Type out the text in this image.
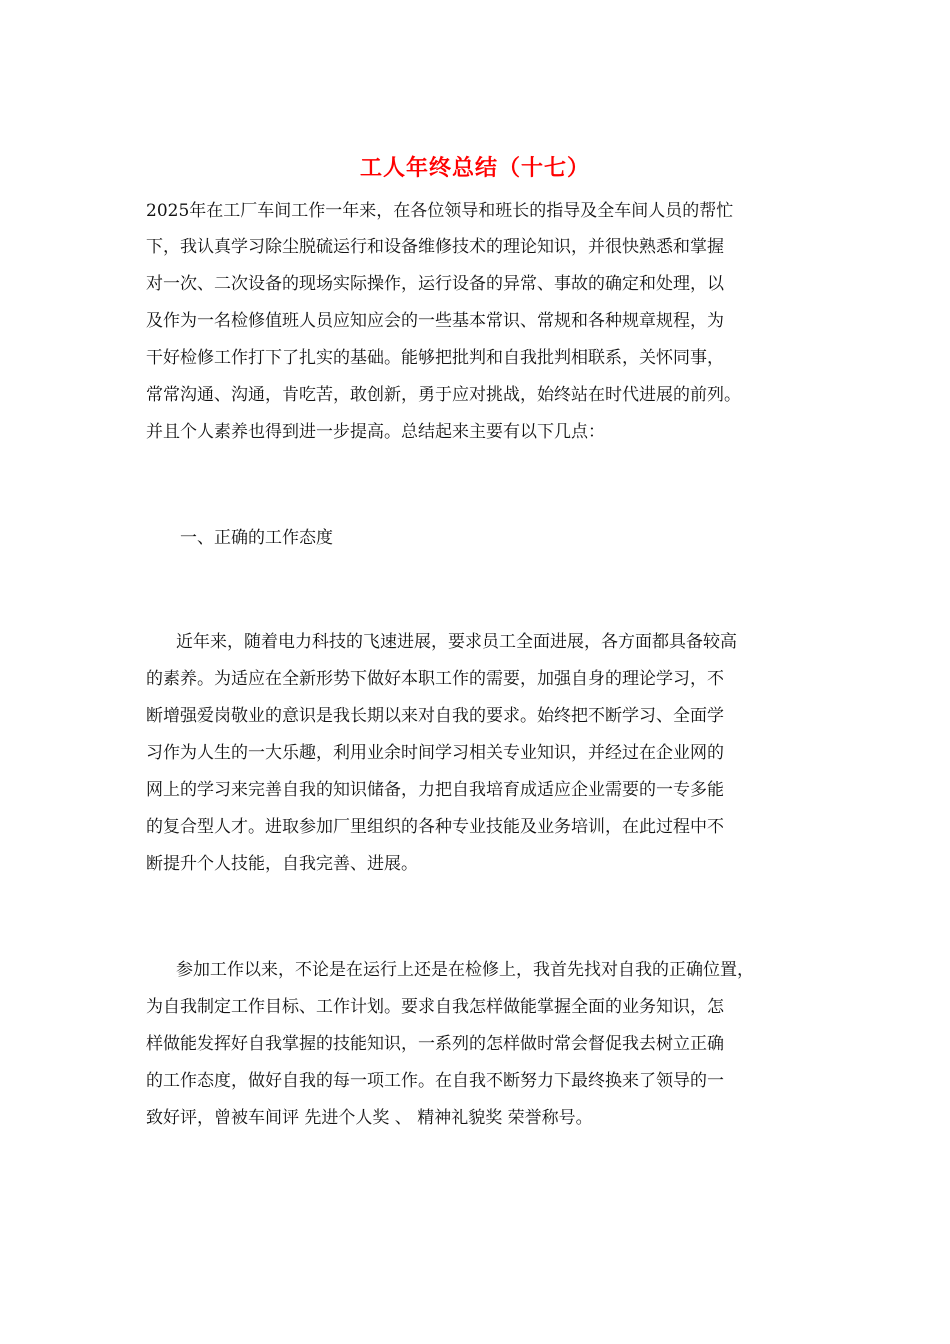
工人年终总结（十七）
2025年在工厂车间工作一年来，在各位领导和班长的指导及全车间人员的帮忙
下，我认真学习除尘脱硫运行和设备维修技术的理论知识，并很快熟悉和掌握
对一次、二次设备的现场实际操作，运行设备的异常、事故的确定和处理，以
及作为一名检修值班人员应知应会的一些基本常识、常规和各种规章规程，为
干好检修工作打下了扎实的基础。能够把批判和自我批判相联系，关怀同事，
常常沟通、沟通，肯吃苦，敢创新，勇于应对挑战，始终站在时代进展的前列。
并且个人素养也得到进一步提高。总结起来主要有以下几点：
一、正确的工作态度
近年来，随着电力科技的飞速进展，要求员工全面进展，各方面都具备较高
的素养。为适应在全新形势下做好本职工作的需要，加强自身的理论学习，不
断增强爱岗敬业的意识是我长期以来对自我的要求。始终把不断学习、全面学
习作为人生的一大乐趣，利用业余时间学习相关专业知识，并经过在企业网的
网上的学习来完善自我的知识储备，力把自我培育成适应企业需要的一专多能
的复合型人才。进取参加厂里组织的各种专业技能及业务培训，在此过程中不
断提升个人技能，自我完善、进展。
参加工作以来，不论是在运行上还是在检修上，我首先找对自我的正确位置，
为自我制定工作目标、工作计划。要求自我怎样做能掌握全面的业务知识，怎
样做能发挥好自我掌握的技能知识，一系列的怎样做时常会督促我去树立正确
的工作态度，做好自我的每一项工作。在自我不断努力下最终换来了领导的一
致好评，曾被车间评 先进个人奖 、 精神礼貌奖 荣誉称号。
